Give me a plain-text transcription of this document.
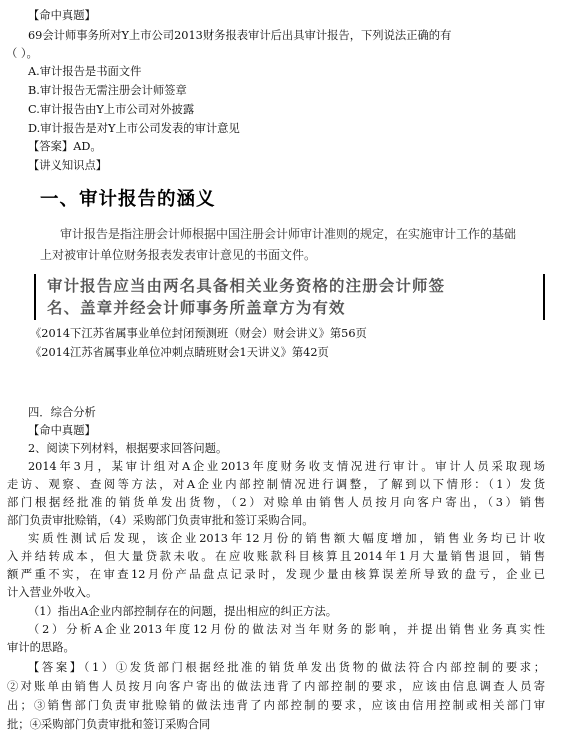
【命中真题】
69会计师事务所对Y上市公司2013财务报表审计后出具审计报告，下列说法正确的有
（ ）。
A.审计报告是书面文件
B.审计报告无需注册会计师签章
C.审计报告由Y上市公司对外披露
D.审计报告是对Y上市公司发表的审计意见
【答案】AD。
【讲义知识点】
一、审计报告的涵义
审计报告是指注册会计师根据中国注册会计师审计准则的规定，在实施审计工作的基础
上对被审计单位财务报表发表审计意见的书面文件。
审计报告应当由两名具备相关业务资格的注册会计师签
名、盖章并经会计师事务所盖章方为有效
《2014下江苏省属事业单位封闭预测班（财会）财会讲义》第56页
《2014江苏省属事业单位冲刺点睛班财会1天讲义》第42页
四．综合分析
【命中真题】
2、阅读下列材料，根据要求回答问题。
2014年3月，某审计组对A企业2013年度财务收支情况进行审计。审计人员采取现场
走访、观察、查阅等方法，对A企业内部控制情况进行调整，了解到以下情形：（1）发货
部门根据经批准的销货单发出货物，（2）对赊单由销售人员按月向客户寄出，（3）销售
部门负责审批赊销，（4）采购部门负责审批和签订采购合同。
实质性测试后发现，该企业2013年12月份的销售额大幅度增加，销售业务均已计收
入并结转成本，但大量贷款未收。在应收账款科目核算且2014年1月大量销售退回，销售
额严重不实，在审查12月份产品盘点记录时，发现少量由核算误差所导致的盘亏，企业已
计入营业外收入。
（1）指出A企业内部控制存在的问题，提出相应的纠正方法。
（2）分析A企业2013年度12月份的做法对当年财务的影响，并提出销售业务真实性
审计的思路。
【答案】（1）①发货部门根据经批准的销货单发出货物的做法符合内部控制的要求；
②对账单由销售人员按月向客户寄出的做法违背了内部控制的要求，应该由信息调查人员寄
出；③销售部门负责审批赊销的做法违背了内部控制的要求，应该由信用控制或相关部门审
批；④采购部门负责审批和签订采购合同
